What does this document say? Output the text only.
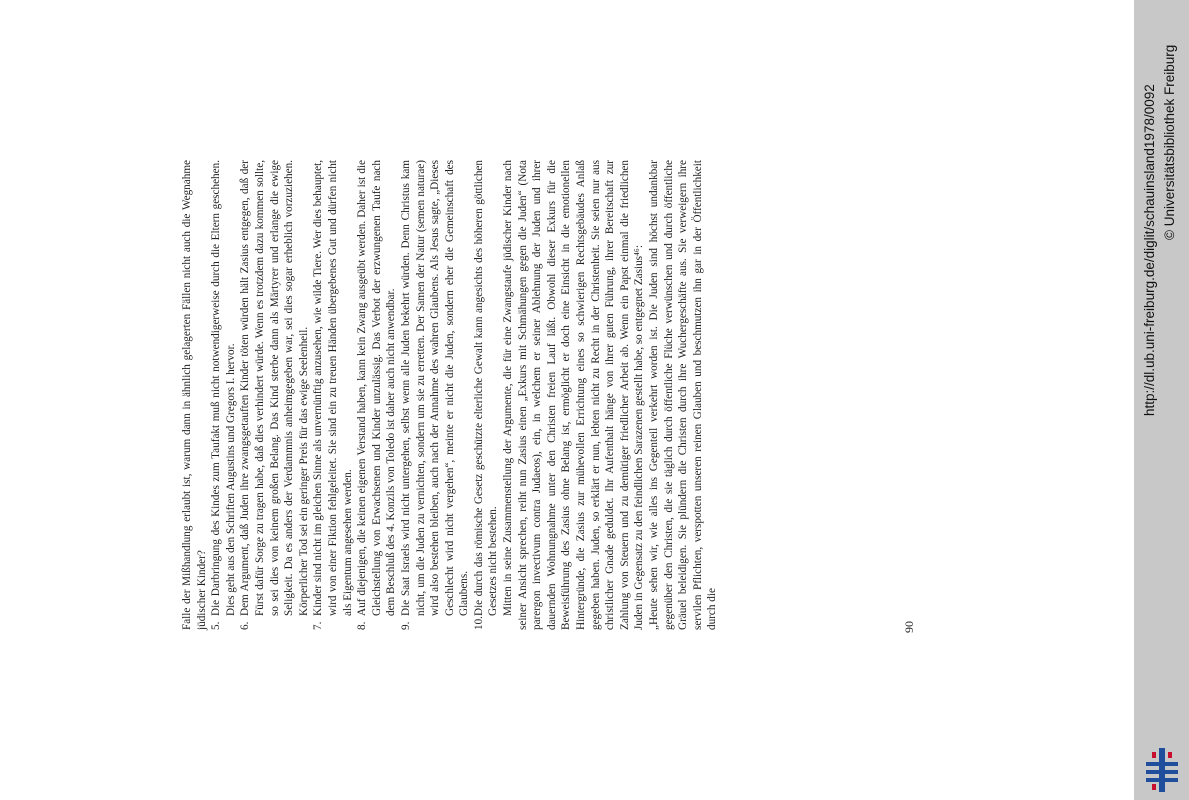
Falle der Mißhandlung erlaubt ist, warum dann in ähnlich gelagerten Fällen nicht auch die Wegnahme jüdischer Kinder? 5.
Die Darbringung des Kindes zum Taufakt muß nicht notwendigerweise durch die Eltern geschehen. Dies geht aus den Schriften Augustins und Gregors I. hervor.
6.
Dem Argument, daß Juden ihre zwangsgetauften Kinder töten würden hält Zasius entgegen, daß der Fürst dafür Sorge zu tragen habe, daß dies verhindert würde. Wenn es trotzdem dazu kommen sollte, so sei dies von keinem großen Belang. Das Kind sterbe dann als Märtyrer und erlange die ewige Seligkeit. Da es anders der Verdammnis anheimgegeben war, sei dies sogar erheblich vorzuziehen. Körperlicher Tod sei ein geringer Preis für das ewige Seelenheil.
7.
Kinder sind nicht im gleichen Sinne als unvernünftig anzusehen, wie wilde Tiere. Wer dies behauptet, wird von einer Fiktion fehlgeleitet. Sie sind ein zu treuen Händen übergebenes Gut und dürfen nicht als Eigentum angesehen werden.
8.
Auf diejenigen, die keinen eigenen Verstand haben, kann kein Zwang ausgeübt werden. Daher ist die Gleichstellung von Erwachsenen und Kinder unzulässig. Das Verbot der erzwungenen Taufe nach dem Beschluß des 4. Konzils von Toledo ist daher auch nicht anwendbar.
9.
Die Saat Israels wird nicht untergehen, selbst wenn alle Juden bekehrt würden. Denn Christus kam nicht, um die Juden zu vernichten, sondern um sie zu erretten. Der Samen der Natur (semen naturae) wird also bestehen bleiben, auch nach der Annahme des wahren Glaubens. Als Jesus sagte, „Dieses Geschlecht wird nicht vergehen“, meinte er nicht die Juden, sondern eher die Gemeinschaft des Glaubens.
10.
Die durch das römische Gesetz geschützte elterliche Gewalt kann angesichts des höheren göttlichen Gesetzes nicht bestehen. Mitten in seine Zusammenstellung der Argumente, die für eine Zwangstaufe jüdischer Kinder nach seiner Ansicht sprechen, reiht nun Zasius einen „Exkurs mit Schmähungen gegen die Juden“ (Nota parergon invectivum contra Judaeos), ein, in welchem er seiner Ablehnung der Juden und ihrer dauernden Wohnungnahme unter den Christen freien Lauf läßt. Obwohl dieser Exkurs für die Beweisführung des Zasius ohne Belang ist, ermöglicht er doch eine Einsicht in die emotionellen Hintergründe, die Zasius zur mühevollen Errichtung eines so schwierigen Rechtsgebäudes Anlaß gegeben haben. Juden, so erklärt er nun, lebten nicht zu Recht in der Christenheit. Sie seien nur aus christlicher Gnade geduldet. Ihr Aufenthalt hänge von ihrer guten Führung, ihrer Bereitschaft zur Zahlung von Steuern und zu demütiger friedlicher Arbeit ab. Wenn ein Papst einmal die friedlichen Juden in Gegensatz zu den feindlichen Sarazenen gestellt habe, so entgegnet Zasius⁴⁶: „Heute sehen wir, wie alles ins Gegenteil verkehrt worden ist. Die Juden sind höchst undankbar gegenüber den Christen, die sie täglich durch öffentliche Flüche verwünschen und durch öffentliche Gräuel beleidigen. Sie plündern die Christen durch ihre Wuchergeschäfte aus. Sie verweigern ihre servilen Pflichten, verspotten unseren reinen Glauben und beschmutzen ihn gar in der Öffentlichkeit durch die	90
http://dl.ub.uni-freiburg.de/diglit/schauinsland1978/0092 © Universitätsbibliothek Freiburg
